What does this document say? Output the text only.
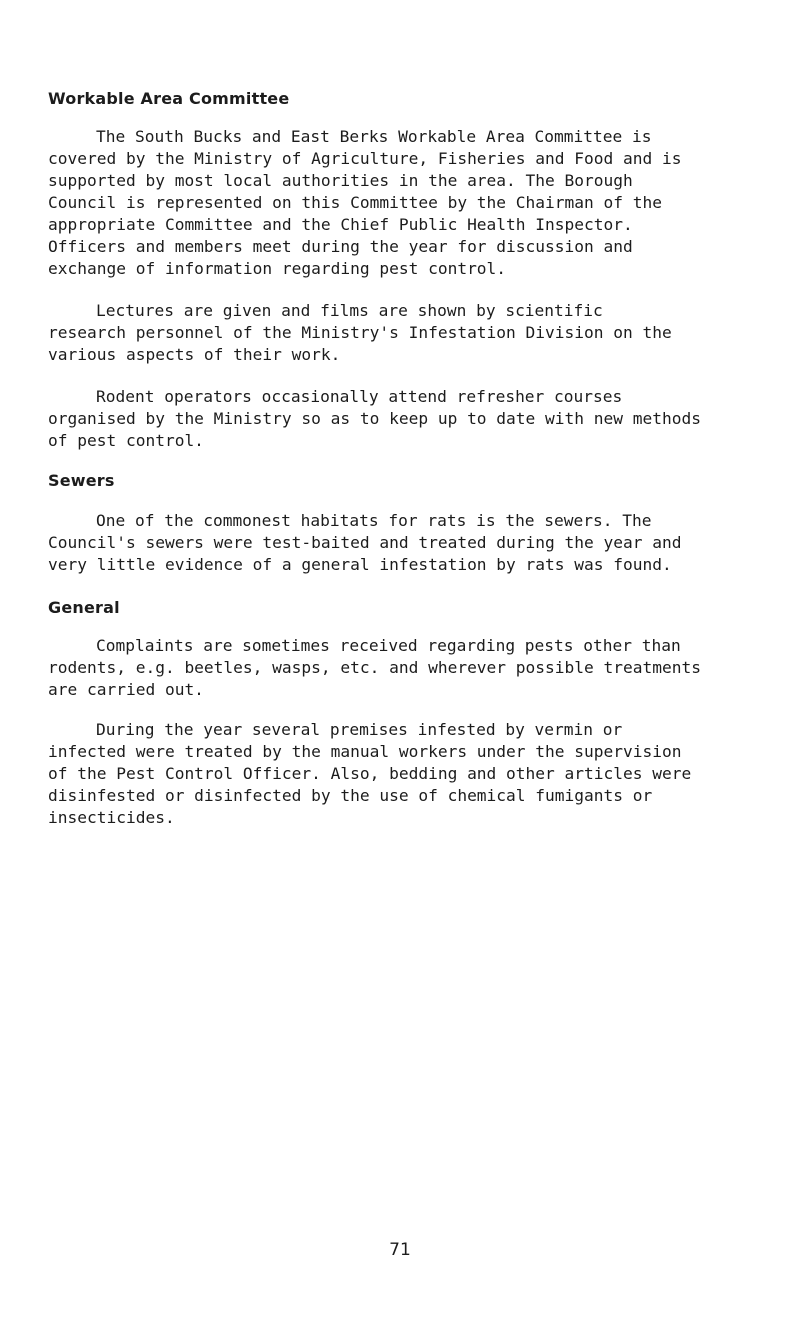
Workable Area Committee
The South Bucks and East Berks Workable Area Committee is
covered by the Ministry of Agriculture, Fisheries and Food and is
supported by most local authorities in the area. The Borough
Council is represented on this Committee by the Chairman of the
appropriate Committee and the Chief Public Health Inspector.
Officers and members meet during the year for discussion and
exchange of information regarding pest control.
Lectures are given and films are shown by scientific
research personnel of the Ministry's Infestation Division on the
various aspects of their work.
Rodent operators occasionally attend refresher courses
organised by the Ministry so as to keep up to date with new methods
of pest control.
Sewers
One of the commonest habitats for rats is the sewers. The
Council's sewers were test-baited and treated during the year and
very little evidence of a general infestation by rats was found.
General
Complaints are sometimes received regarding pests other than
rodents, e.g. beetles, wasps, etc. and wherever possible treatments
are carried out.
During the year several premises infested by vermin or
infected were treated by the manual workers under the supervision
of the Pest Control Officer. Also, bedding and other articles were
disinfested or disinfected by the use of chemical fumigants or
insecticides.
71
